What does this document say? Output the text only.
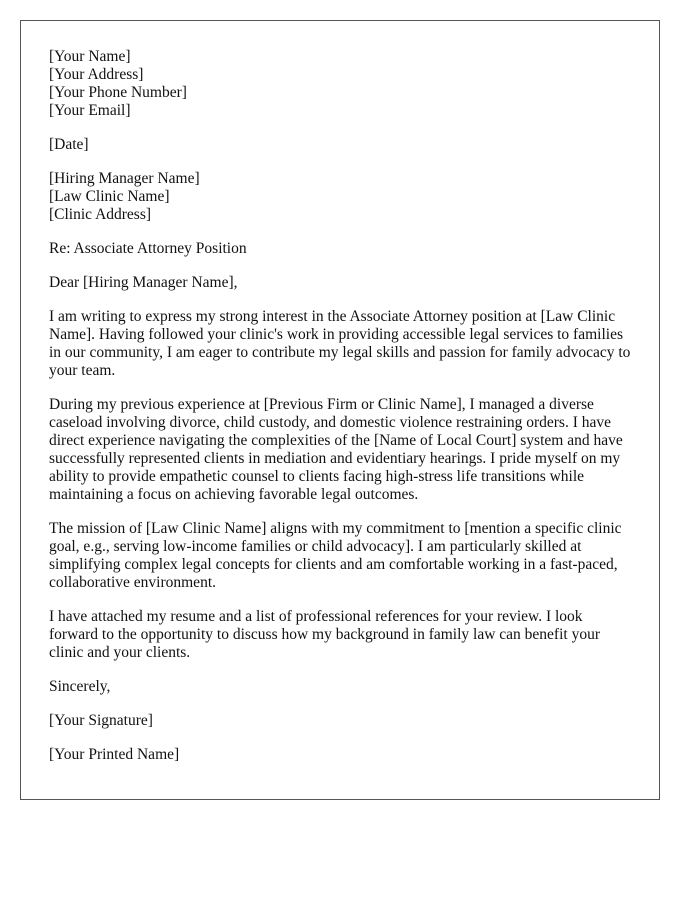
[Your Name]
[Your Address]
[Your Phone Number]
[Your Email]
[Date]
[Hiring Manager Name]
[Law Clinic Name]
[Clinic Address]

Re: Associate Attorney Position

Dear [Hiring Manager Name],

I am writing to express my strong interest in the Associate Attorney position at [Law Clinic Name]. Having followed your clinic's work in providing accessible legal services to families in our community, I am eager to contribute my legal skills and passion for family advocacy to your team.

During my previous experience at [Previous Firm or Clinic Name], I managed a diverse caseload involving divorce, child custody, and domestic violence restraining orders. I have direct experience navigating the complexities of the [Name of Local Court] system and have successfully represented clients in mediation and evidentiary hearings. I pride myself on my ability to provide empathetic counsel to clients facing high-stress life transitions while maintaining a focus on achieving favorable legal outcomes.

The mission of [Law Clinic Name] aligns with my commitment to [mention a specific clinic goal, e.g., serving low-income families or child advocacy]. I am particularly skilled at simplifying complex legal concepts for clients and am comfortable working in a fast-paced, collaborative environment.

I have attached my resume and a list of professional references for your review. I look forward to the opportunity to discuss how my background in family law can benefit your clinic and your clients.

Sincerely,

[Your Signature]

[Your Printed Name]
